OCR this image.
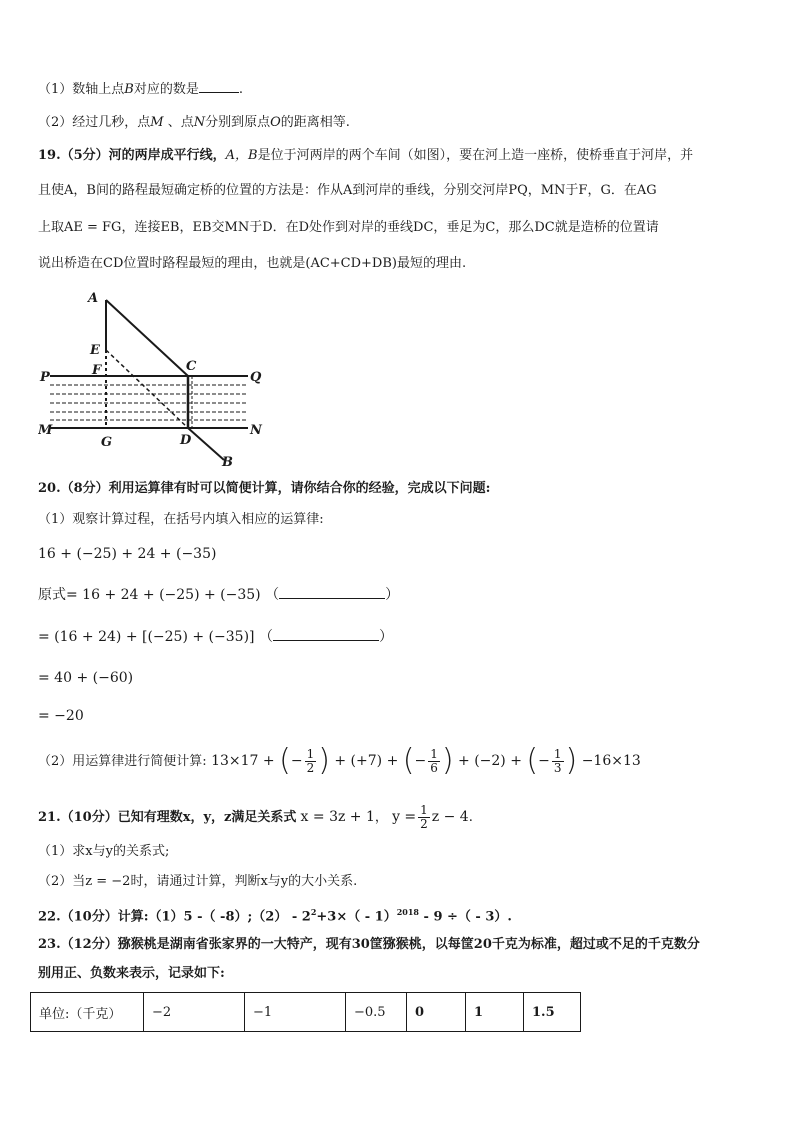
（1）数轴上点B对应的数是	.
（2）经过几秒，点M 、点N分别到原点O的距离相等.
19.（5分）河的两岸成平行线，A，B是位于河两岸的两个车间（如图），要在河上造一座桥，使桥垂直于河岸，并
且使A，B间的路程最短确定桥的位置的方法是：作从A到河岸的垂线，分别交河岸PQ，MN于F，G．在AG
上取AE = FG，连接EB，EB交MN于D．在D处作到对岸的垂线DC，垂足为C，那么DC就是造桥的位置请
说出桥造在CD位置时路程最短的理由，也就是(AC+CD+DB)最短的理由.
A
E
F	C
P	Q
M
G	D
N
B
20.（8分）利用运算律有时可以简便计算，请你结合你的经验，完成以下问题:
（1）观察计算过程，在括号内填入相应的运算律:
16 + (−25) + 24 + (−35)
原式= 16 + 24 + (−25) + (−35) （	）
= (16 + 24) + [(−25) + (−35)] （	）
= 40 + (−60)
= −20
（2）用运算律进行简便计算: 13×17 + (− $\frac{1}{2}$ ) + (+7) + (− $\frac{1}{6}$ ) + (−2) + (− $\frac{1}{3}$ ) −16×13
21.（10分）已知有理数x，y，z满足关系式 x = 3z + 1， $y = \frac{1}{2}$ z − 4.
（1）求x与y的关系式;
（2）当z = −2时，请通过计算，判断x与y的大小关系.
22.（10分）计算:（1）5 -（ -8）;（2） - $2^2+3\times( - 1)^{2018} - 9$ ÷（ - 3）.
23.（12分）猕猴桃是湖南省张家界的一大特产，现有30筐猕猴桃，以每筐20千克为标准，超过或不足的千克数分
别用正、负数来表示，记录如下:
单位:（千克）	−2	−1	−0.5	0	1	1.5
